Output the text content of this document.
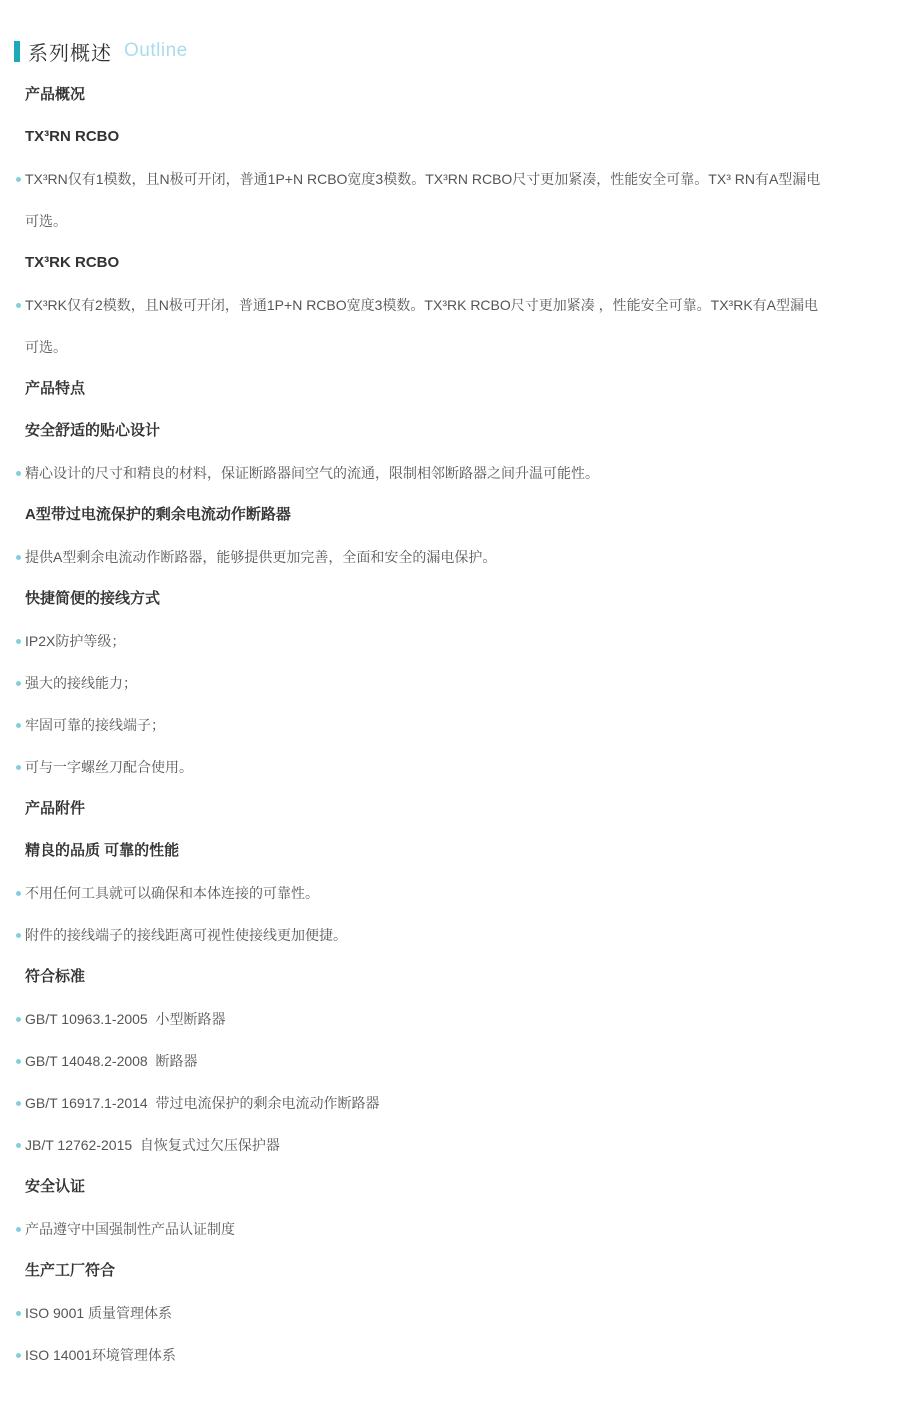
系列概述 Outline
产品概况
TX³RN RCBO
TX³RN仅有1模数，且N极可开闭，普通1P+N RCBO宽度3模数。TX³RN RCBO尺寸更加紧凑，性能安全可靠。TX³ RN有A型漏电
可选。
TX³RK RCBO
TX³RK仅有2模数，且N极可开闭，普通1P+N RCBO宽度3模数。TX³RK RCBO尺寸更加紧凑 ，性能安全可靠。TX³RK有A型漏电
可选。
产品特点
安全舒适的贴心设计
精心设计的尺寸和精良的材料，保证断路器间空气的流通，限制相邻断路器之间升温可能性。
A型带过电流保护的剩余电流动作断路器
提供A型剩余电流动作断路器，能够提供更加完善，全面和安全的漏电保护。
快捷简便的接线方式
IP2X防护等级；
强大的接线能力；
牢固可靠的接线端子；
可与一字螺丝刀配合使用。
产品附件
精良的品质 可靠的性能
不用任何工具就可以确保和本体连接的可靠性。
附件的接线端子的接线距离可视性使接线更加便捷。
符合标准
GB/T 10963.1-2005  小型断路器
GB/T 14048.2-2008  断路器
GB/T 16917.1-2014  带过电流保护的剩余电流动作断路器
JB/T 12762-2015  自恢复式过欠压保护器
安全认证
产品遵守中国强制性产品认证制度
生产工厂符合
ISO 9001 质量管理体系
ISO 14001环境管理体系
